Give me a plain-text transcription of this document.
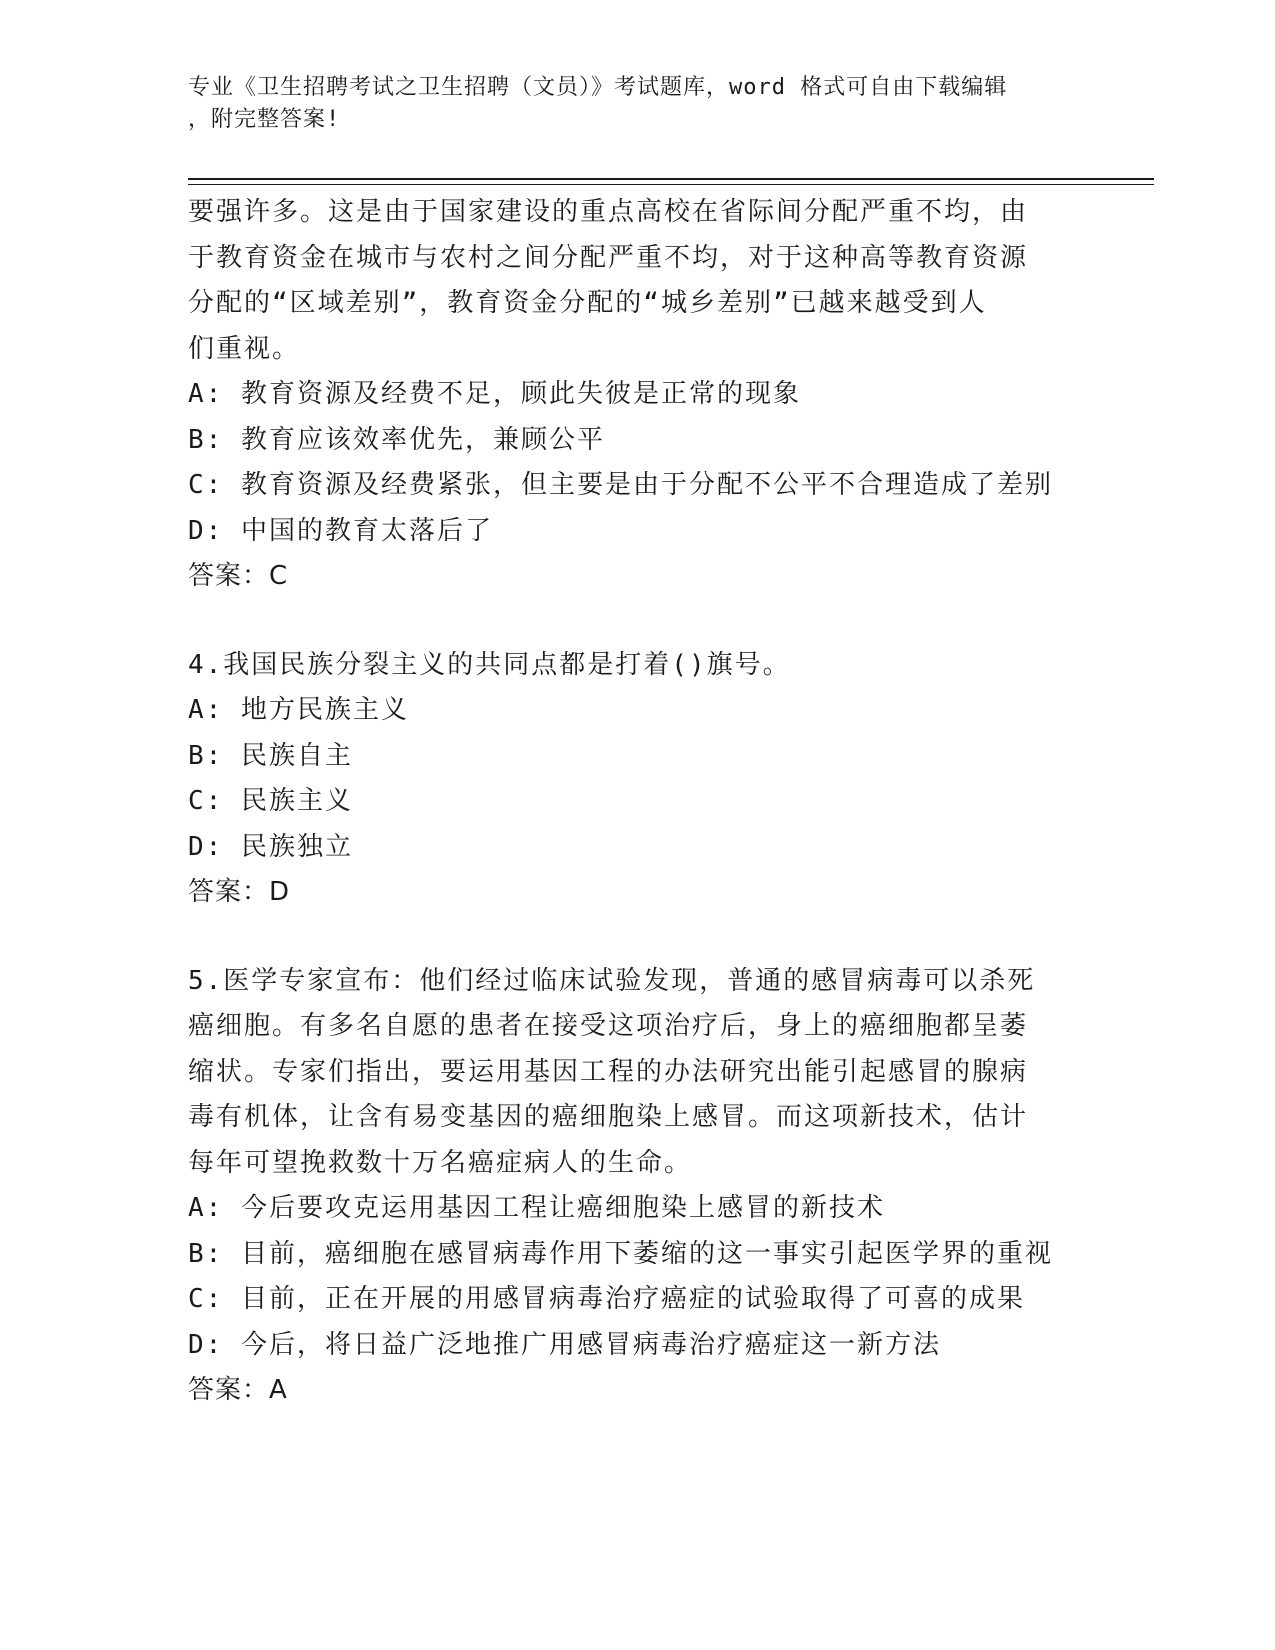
专业《卫生招聘考试之卫生招聘（文员）》考试题库，word 格式可自由下载编辑
，附完整答案!

要强许多。这是由于国家建设的重点高校在省际间分配严重不均，由

于教育资金在城市与农村之间分配严重不均，对于这种高等教育资源

分配的“区域差别”，教育资金分配的“城乡差别”已越来越受到人

们重视。

A: 教育资源及经费不足，顾此失彼是正常的现象

B: 教育应该效率优先，兼顾公平

C: 教育资源及经费紧张，但主要是由于分配不公平不合理造成了差别

D: 中国的教育太落后了

答案：C

4.我国民族分裂主义的共同点都是打着()旗号。

A: 地方民族主义

B: 民族自主

C: 民族主义

D: 民族独立

答案：D

5.医学专家宣布：他们经过临床试验发现，普通的感冒病毒可以杀死

癌细胞。有多名自愿的患者在接受这项治疗后，身上的癌细胞都呈萎

缩状。专家们指出，要运用基因工程的办法研究出能引起感冒的腺病

毒有机体，让含有易变基因的癌细胞染上感冒。而这项新技术，估计

每年可望挽救数十万名癌症病人的生命。

A: 今后要攻克运用基因工程让癌细胞染上感冒的新技术

B: 目前，癌细胞在感冒病毒作用下萎缩的这一事实引起医学界的重视

C: 目前，正在开展的用感冒病毒治疗癌症的试验取得了可喜的成果

D: 今后，将日益广泛地推广用感冒病毒治疗癌症这一新方法

答案：A
